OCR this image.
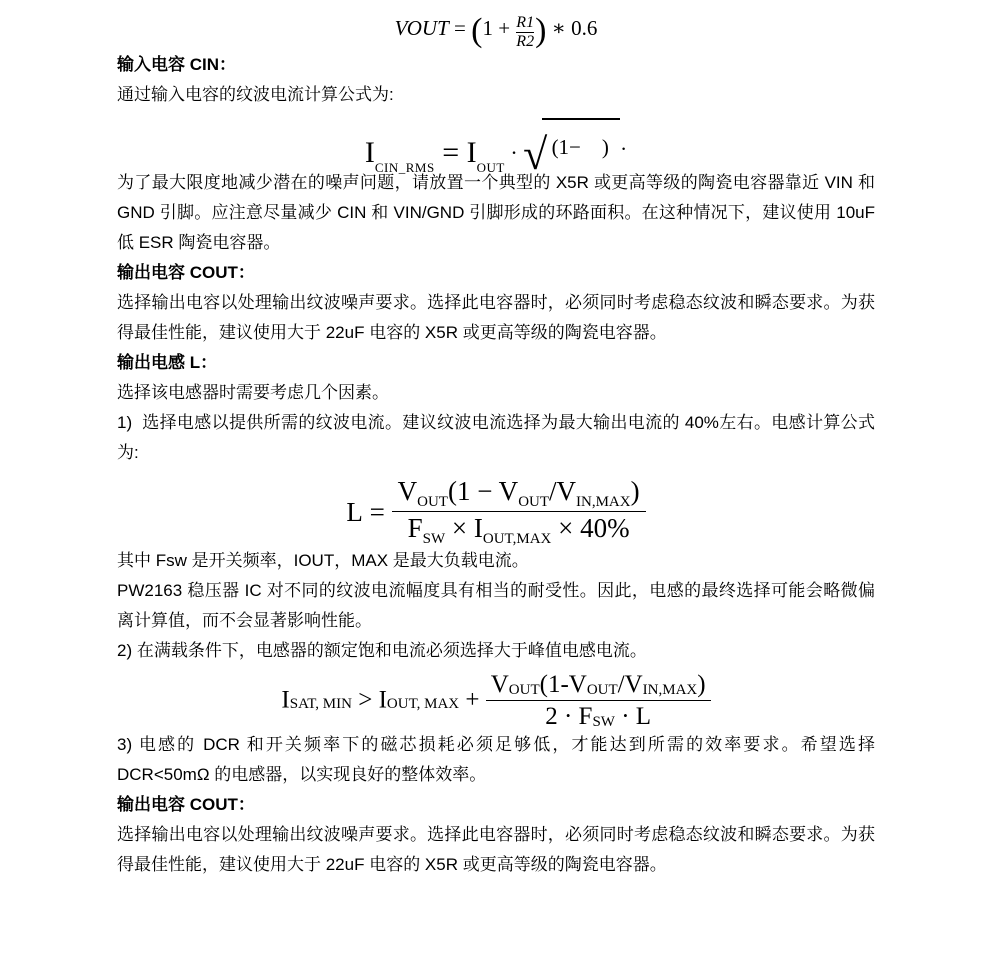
VOUT = ($1 + \frac{R1}{R2}$ ) ∗ 0.6
输入电容 CIN：

通过输入电容的纹波电流计算公式为:

$I_{CIN\_RMS} = I_{OUT}$ · √ (1−    ) ·

为了最大限度地减少潜在的噪声问题，请放置一个典型的 X5R 或更高等级的陶瓷电容器靠近 VIN 和 GND 引脚。应注意尽量减少 CIN 和 VIN/GND 引脚形成的环路面积。在这种情况下，建议使用 10uF 低 ESR 陶瓷电容器。

输出电容 COUT：

选择输出电容以处理输出纹波噪声要求。选择此电容器时，必须同时考虑稳态纹波和瞬态要求。为获得最佳性能，建议使用大于 22uF 电容的 X5R 或更高等级的陶瓷电容器。

输出电感 L：

选择该电感器时需要考虑几个因素。

1)  选择电感以提供所需的纹波电流。建议纹波电流选择为最大输出电流的 40%左右。电感计算公式为:

$L = \frac{V_{OUT}(1 - V_{OUT}/V_{IN,MAX})}{F_{SW} \times I_{OUT,MAX} \times 40\%}$

其中 Fsw 是开关频率，IOUT，MAX 是最大负载电流。

PW2163 稳压器 IC 对不同的纹波电流幅度具有相当的耐受性。因此，电感的最终选择可能会略微偏离计算值，而不会显著影响性能。

2) 在满载条件下，电感器的额定饱和电流必须选择大于峰值电感电流。

ISAT, MIN > IOUT, MAX + $\frac{\text{VOUT(1-VOUT/VIN,MAX)}}{\text{2 · FSW · L}}$

3) 电感的 DCR 和开关频率下的磁芯损耗必须足够低，才能达到所需的效率要求。希望选择 DCR<50mΩ 的电感器，以实现良好的整体效率。

输出电容 COUT：

选择输出电容以处理输出纹波噪声要求。选择此电容器时，必须同时考虑稳态纹波和瞬态要求。为获得最佳性能，建议使用大于 22uF 电容的 X5R 或更高等级的陶瓷电容器。
